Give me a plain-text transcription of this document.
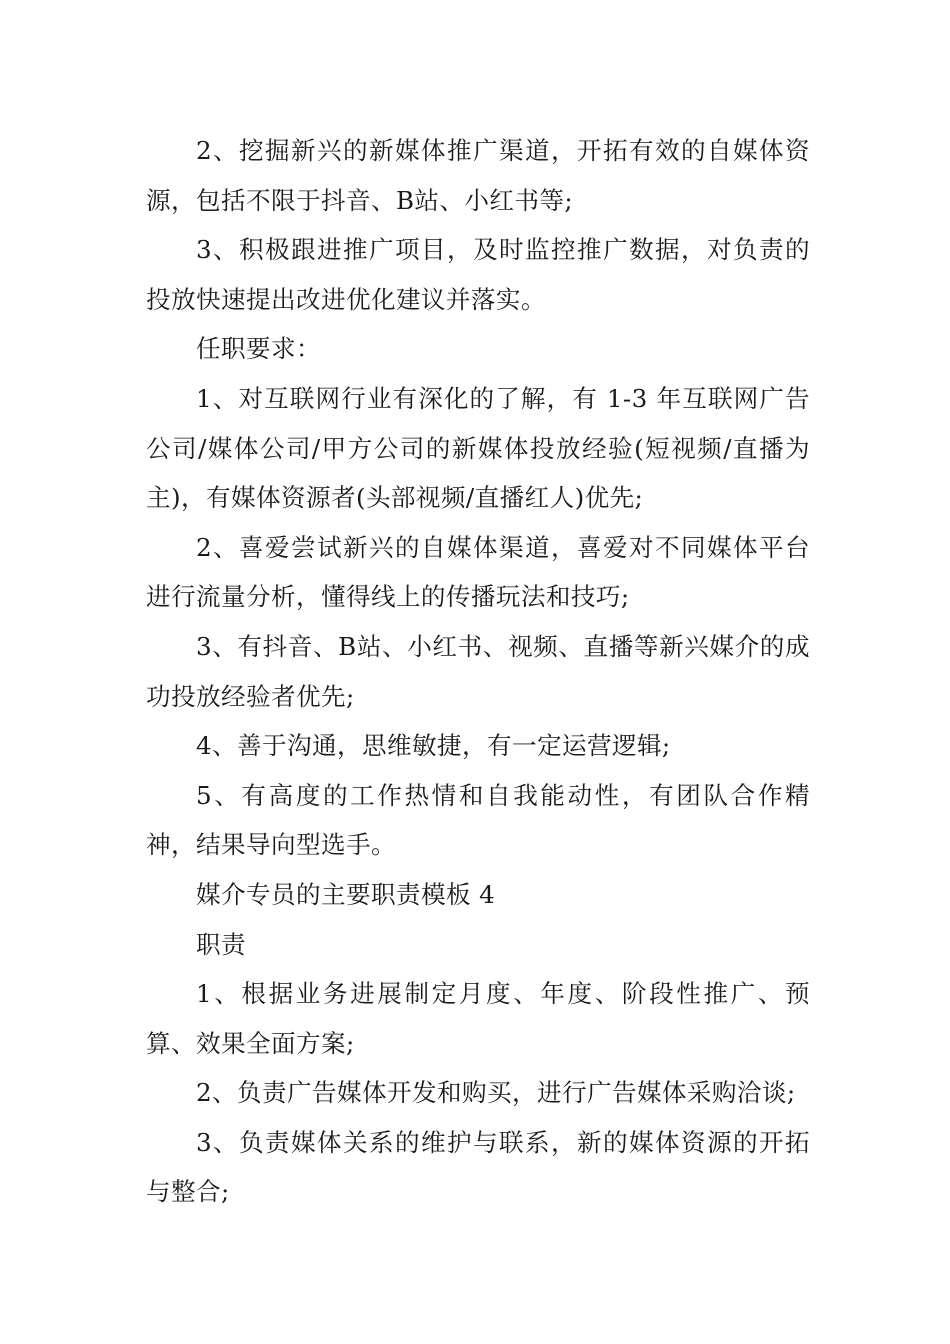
2、挖掘新兴的新媒体推广渠道，开拓有效的自媒体资源，包括不限于抖音、B站、小红书等;

3、积极跟进推广项目，及时监控推广数据，对负责的投放快速提出改进优化建议并落实。

任职要求：

1、对互联网行业有深化的了解，有 1-3 年互联网广告公司/媒体公司/甲方公司的新媒体投放经验(短视频/直播为主)，有媒体资源者(头部视频/直播红人)优先;

2、喜爱尝试新兴的自媒体渠道，喜爱对不同媒体平台进行流量分析，懂得线上的传播玩法和技巧;

3、有抖音、B站、小红书、视频、直播等新兴媒介的成功投放经验者优先;

4、善于沟通，思维敏捷，有一定运营逻辑;

5、有高度的工作热情和自我能动性，有团队合作精神，结果导向型选手。

媒介专员的主要职责模板 4

职责

1、根据业务进展制定月度、年度、阶段性推广、预算、效果全面方案;

2、负责广告媒体开发和购买，进行广告媒体采购洽谈;

3、负责媒体关系的维护与联系，新的媒体资源的开拓与整合;
